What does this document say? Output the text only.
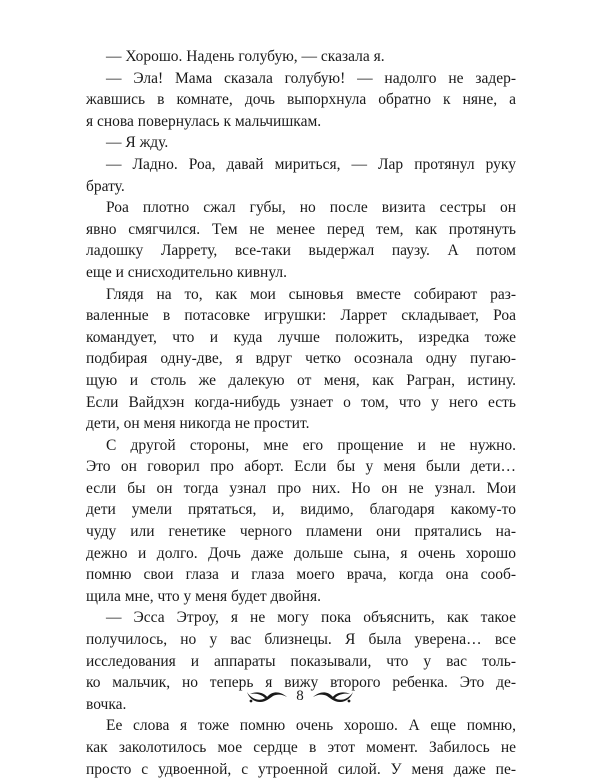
— Хорошо. Надень голубую, — сказала я.
— Эла! Мама сказала голубую! — надолго не задер-
жавшись в комнате, дочь выпорхнула обратно к няне, а
я снова повернулась к мальчишкам.
— Я жду.
— Ладно. Роа, давай мириться, — Лар протянул руку
брату.
Роа плотно сжал губы, но после визита сестры он
явно смягчился. Тем не менее перед тем, как протянуть
ладошку Ларрету, все-таки выдержал паузу. А потом
еще и снисходительно кивнул.
Глядя на то, как мои сыновья вместе собирают раз-
валенные в потасовке игрушки: Ларрет складывает, Роа
командует, что и куда лучше положить, изредка тоже
подбирая одну-две, я вдруг четко осознала одну пугаю-
щую и столь же далекую от меня, как Рагран, истину.
Если Вайдхэн когда-нибудь узнает о том, что у него есть
дети, он меня никогда не простит.
С другой стороны, мне его прощение и не нужно.
Это он говорил про аборт. Если бы у меня были дети…
если бы он тогда узнал про них. Но он не узнал. Мои
дети умели прятаться, и, видимо, благодаря какому-то
чуду или генетике черного пламени они прятались на-
дежно и долго. Дочь даже дольше сына, я очень хорошо
помню свои глаза и глаза моего врача, когда она сооб-
щила мне, что у меня будет двойня.
— Эсса Этроу, я не могу пока объяснить, как такое
получилось, но у вас близнецы. Я была уверена… все
исследования и аппараты показывали, что у вас толь-
ко мальчик, но теперь я вижу второго ребенка. Это де-
вочка.
Ее слова я тоже помню очень хорошо. А еще помню,
как заколотилось мое сердце в этот момент. Забилось не
просто с удвоенной, с утроенной силой. У меня даже пе-
8
